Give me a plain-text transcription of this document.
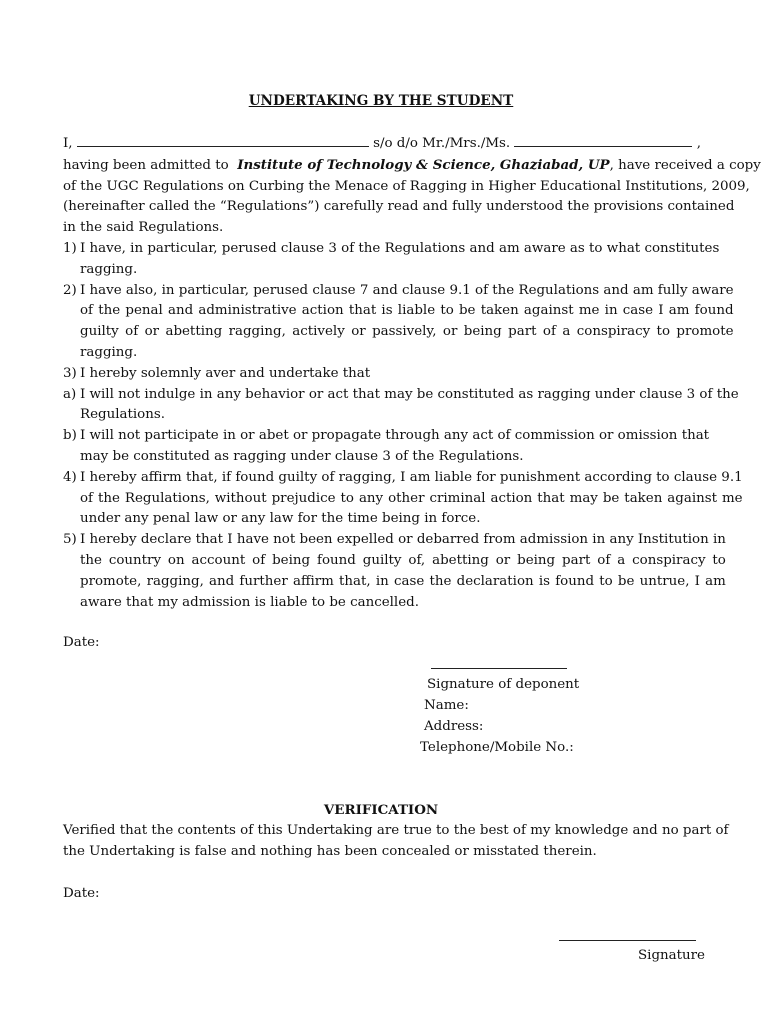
UNDERTAKING BY THE STUDENT
I,	s/o d/o Mr./Mrs./Ms.	,
having been admitted to Institute of Technology & Science, Ghaziabad, UP, have received a copy
of the UGC Regulations on Curbing the Menace of Ragging in Higher Educational Institutions, 2009,
(hereinafter called the “Regulations”) carefully read and fully understood the provisions contained
in the said Regulations.
1) I have, in particular, perused clause 3 of the Regulations and am aware as to what constitutes
ragging.
2) I have also, in particular, perused clause 7 and clause 9.1 of the Regulations and am fully aware
of the penal and administrative action that is liable to be taken against me in case I am found
guilty of or abetting ragging, actively or passively, or being part of a conspiracy to promote
ragging.
3) I hereby solemnly aver and undertake that
a) I will not indulge in any behavior or act that may be constituted as ragging under clause 3 of the
Regulations.
b) I will not participate in or abet or propagate through any act of commission or omission that
may be constituted as ragging under clause 3 of the Regulations.
4) I hereby affirm that, if found guilty of ragging, I am liable for punishment according to clause 9.1
of the Regulations, without prejudice to any other criminal action that may be taken against me
under any penal law or any law for the time being in force.
5) I hereby declare that I have not been expelled or debarred from admission in any Institution in
the country on account of being found guilty of, abetting or being part of a conspiracy to
promote, ragging, and further affirm that, in case the declaration is found to be untrue, I am
aware that my admission is liable to be cancelled.
Date:
Signature of deponent
Name:
Address:
Telephone/Mobile No.:
VERIFICATION
Verified that the contents of this Undertaking are true to the best of my knowledge and no part of
the Undertaking is false and nothing has been concealed or misstated therein.
Date:
Signature
